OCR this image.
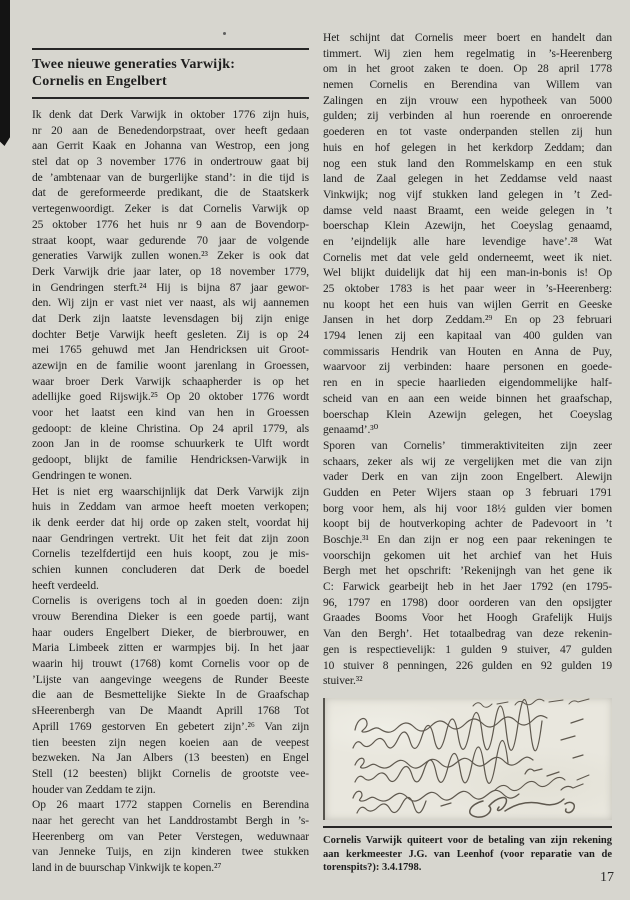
Twee nieuwe generaties Varwijk:
Cornelis en Engelbert
Ik denk dat Derk Varwijk in oktober 1776 zijn huis,
nr 20 aan de Benedendorpstraat, over heeft gedaan
aan Gerrit Kaak en Johanna van Westrop, een jong
stel dat op 3 november 1776 in ondertrouw gaat bij
de ’ambtenaar van de burgerlijke stand’: in die tijd is
dat de gereformeerde predikant, die de Staatskerk
vertegenwoordigt. Zeker is dat Cornelis Varwijk op
25 oktober 1776 het huis nr 9 aan de Bovendorp-
straat koopt, waar gedurende 70 jaar de volgende
generaties Varwijk zullen wonen.²³ Zeker is ook dat
Derk Varwijk drie jaar later, op 18 november 1779,
in Gendringen sterft.²⁴ Hij is bijna 87 jaar gewor-
den. Wij zijn er vast niet ver naast, als wij aannemen
dat Derk zijn laatste levensdagen bij zijn enige
dochter Betje Varwijk heeft gesleten. Zij is op 24
mei 1765 gehuwd met Jan Hendricksen uit Groot-
azewijn en de familie woont jarenlang in Groessen,
waar broer Derk Varwijk schaapherder is op het
adellijke goed Rijswijk.²⁵ Op 20 oktober 1776 wordt
voor het laatst een kind van hen in Groessen
gedoopt: de kleine Christina. Op 24 april 1779, als
zoon Jan in de roomse schuurkerk te Ulft wordt
gedoopt, blijkt de familie Hendricksen-Varwijk in
Gendringen te wonen.
Het is niet erg waarschijnlijk dat Derk Varwijk zijn
huis in Zeddam van armoe heeft moeten verkopen;
ik denk eerder dat hij orde op zaken stelt, voordat hij
naar Gendringen vertrekt. Uit het feit dat zijn zoon
Cornelis tezelfdertijd een huis koopt, zou je mis-
schien kunnen concluderen dat Derk de boedel
heeft verdeeld.
Cornelis is overigens toch al in goeden doen: zijn
vrouw Berendina Dieker is een goede partij, want
haar ouders Engelbert Dieker, de bierbrouwer, en
Maria Limbeek zitten er warmpjes bij. In het jaar
waarin hij trouwt (1768) komt Cornelis voor op de
’Lijste van aangevinge weegens de Runder Beeste
die aan de Besmettelijke Siekte In de Graafschap
sHeerenbergh van De Maandt Aprill 1768 Tot
Aprill 1769 gestorven En gebetert zijn’.²⁶ Van zijn
tien beesten zijn negen koeien aan de veepest
bezweken. Na Jan Albers (13 beesten) en Engel
Stell (12 beesten) blijkt Cornelis de grootste vee-
houder van Zeddam te zijn.
Op 26 maart 1772 stappen Cornelis en Berendina
naar het gerecht van het Landdrostambt Bergh in ’s-
Heerenberg om van Peter Verstegen, weduwnaar
van Jenneke Tuijs, en zijn kinderen twee stukken
land in de buurschap Vinkwijk te kopen.²⁷
Het schijnt dat Cornelis meer boert en handelt dan
timmert. Wij zien hem regelmatig in ’s-Heerenberg
om in het groot zaken te doen. Op 28 april 1778
nemen Cornelis en Berendina van Willem van
Zalingen en zijn vrouw een hypotheek van 5000
gulden; zij verbinden al hun roerende en onroerende
goederen en tot vaste onderpanden stellen zij hun
huis en hof gelegen in het kerkdorp Zeddam; dan
nog een stuk land den Rommelskamp en een stuk
land de Zaal gelegen in het Zeddamse veld naast
Vinkwijk; nog vijf stukken land gelegen in ’t Zed-
damse veld naast Braamt, een weide gelegen in ’t
boerschap Klein Azewijn, het Coeyslag genaamd,
en ’eijndelijk alle hare levendige have’.²⁸ Wat
Cornelis met dat vele geld onderneemt, weet ik niet.
Wel blijkt duidelijk dat hij een man-in-bonis is! Op
25 oktober 1783 is het paar weer in ’s-Heerenberg:
nu koopt het een huis van wijlen Gerrit en Geeske
Jansen in het dorp Zeddam.²⁹ En op 23 februari
1794 lenen zij een kapitaal van 400 gulden van
commissaris Hendrik van Houten en Anna de Puy,
waarvoor zij verbinden: haare personen en goede-
ren en in specie haarlieden eigendommelijke half-
scheid van en aan een weide binnen het graafschap,
boerschap Klein Azewijn gelegen, het Coeyslag
genaamd’.³⁰
Sporen van Cornelis’ timmeraktiviteiten zijn zeer
schaars, zeker als wij ze vergelijken met die van zijn
vader Derk en van zijn zoon Engelbert. Alewijn
Gudden en Peter Wijers staan op 3 februari 1791
borg voor hem, als hij voor 18½ gulden vier bomen
koopt bij de houtverkoping achter de Padevoort in ’t
Boschje.³¹ En dan zijn er nog een paar rekeningen te
voorschijn gekomen uit het archief van het Huis
Bergh met het opschrift: ’Rekenijngh van het gene ik
C: Farwick gearbeijt heb in het Jaer 1792 (en 1795-
96, 1797 en 1798) door oorderen van den opsijgter
Graades Booms Voor het Hoogh Grafelijk Huijs
Van den Bergh’. Het totaalbedrag van deze rekenin-
gen is respectievelijk: 1 gulden 9 stuiver, 47 gulden
10 stuiver 8 penningen, 226 gulden en 92 gulden 19
stuiver.³²
Cornelis Varwijk quiteert voor de betaling van zijn rekening
aan kerkmeester J.G. van Leenhof (voor reparatie van de
torenspits?): 3.4.1798.
17
